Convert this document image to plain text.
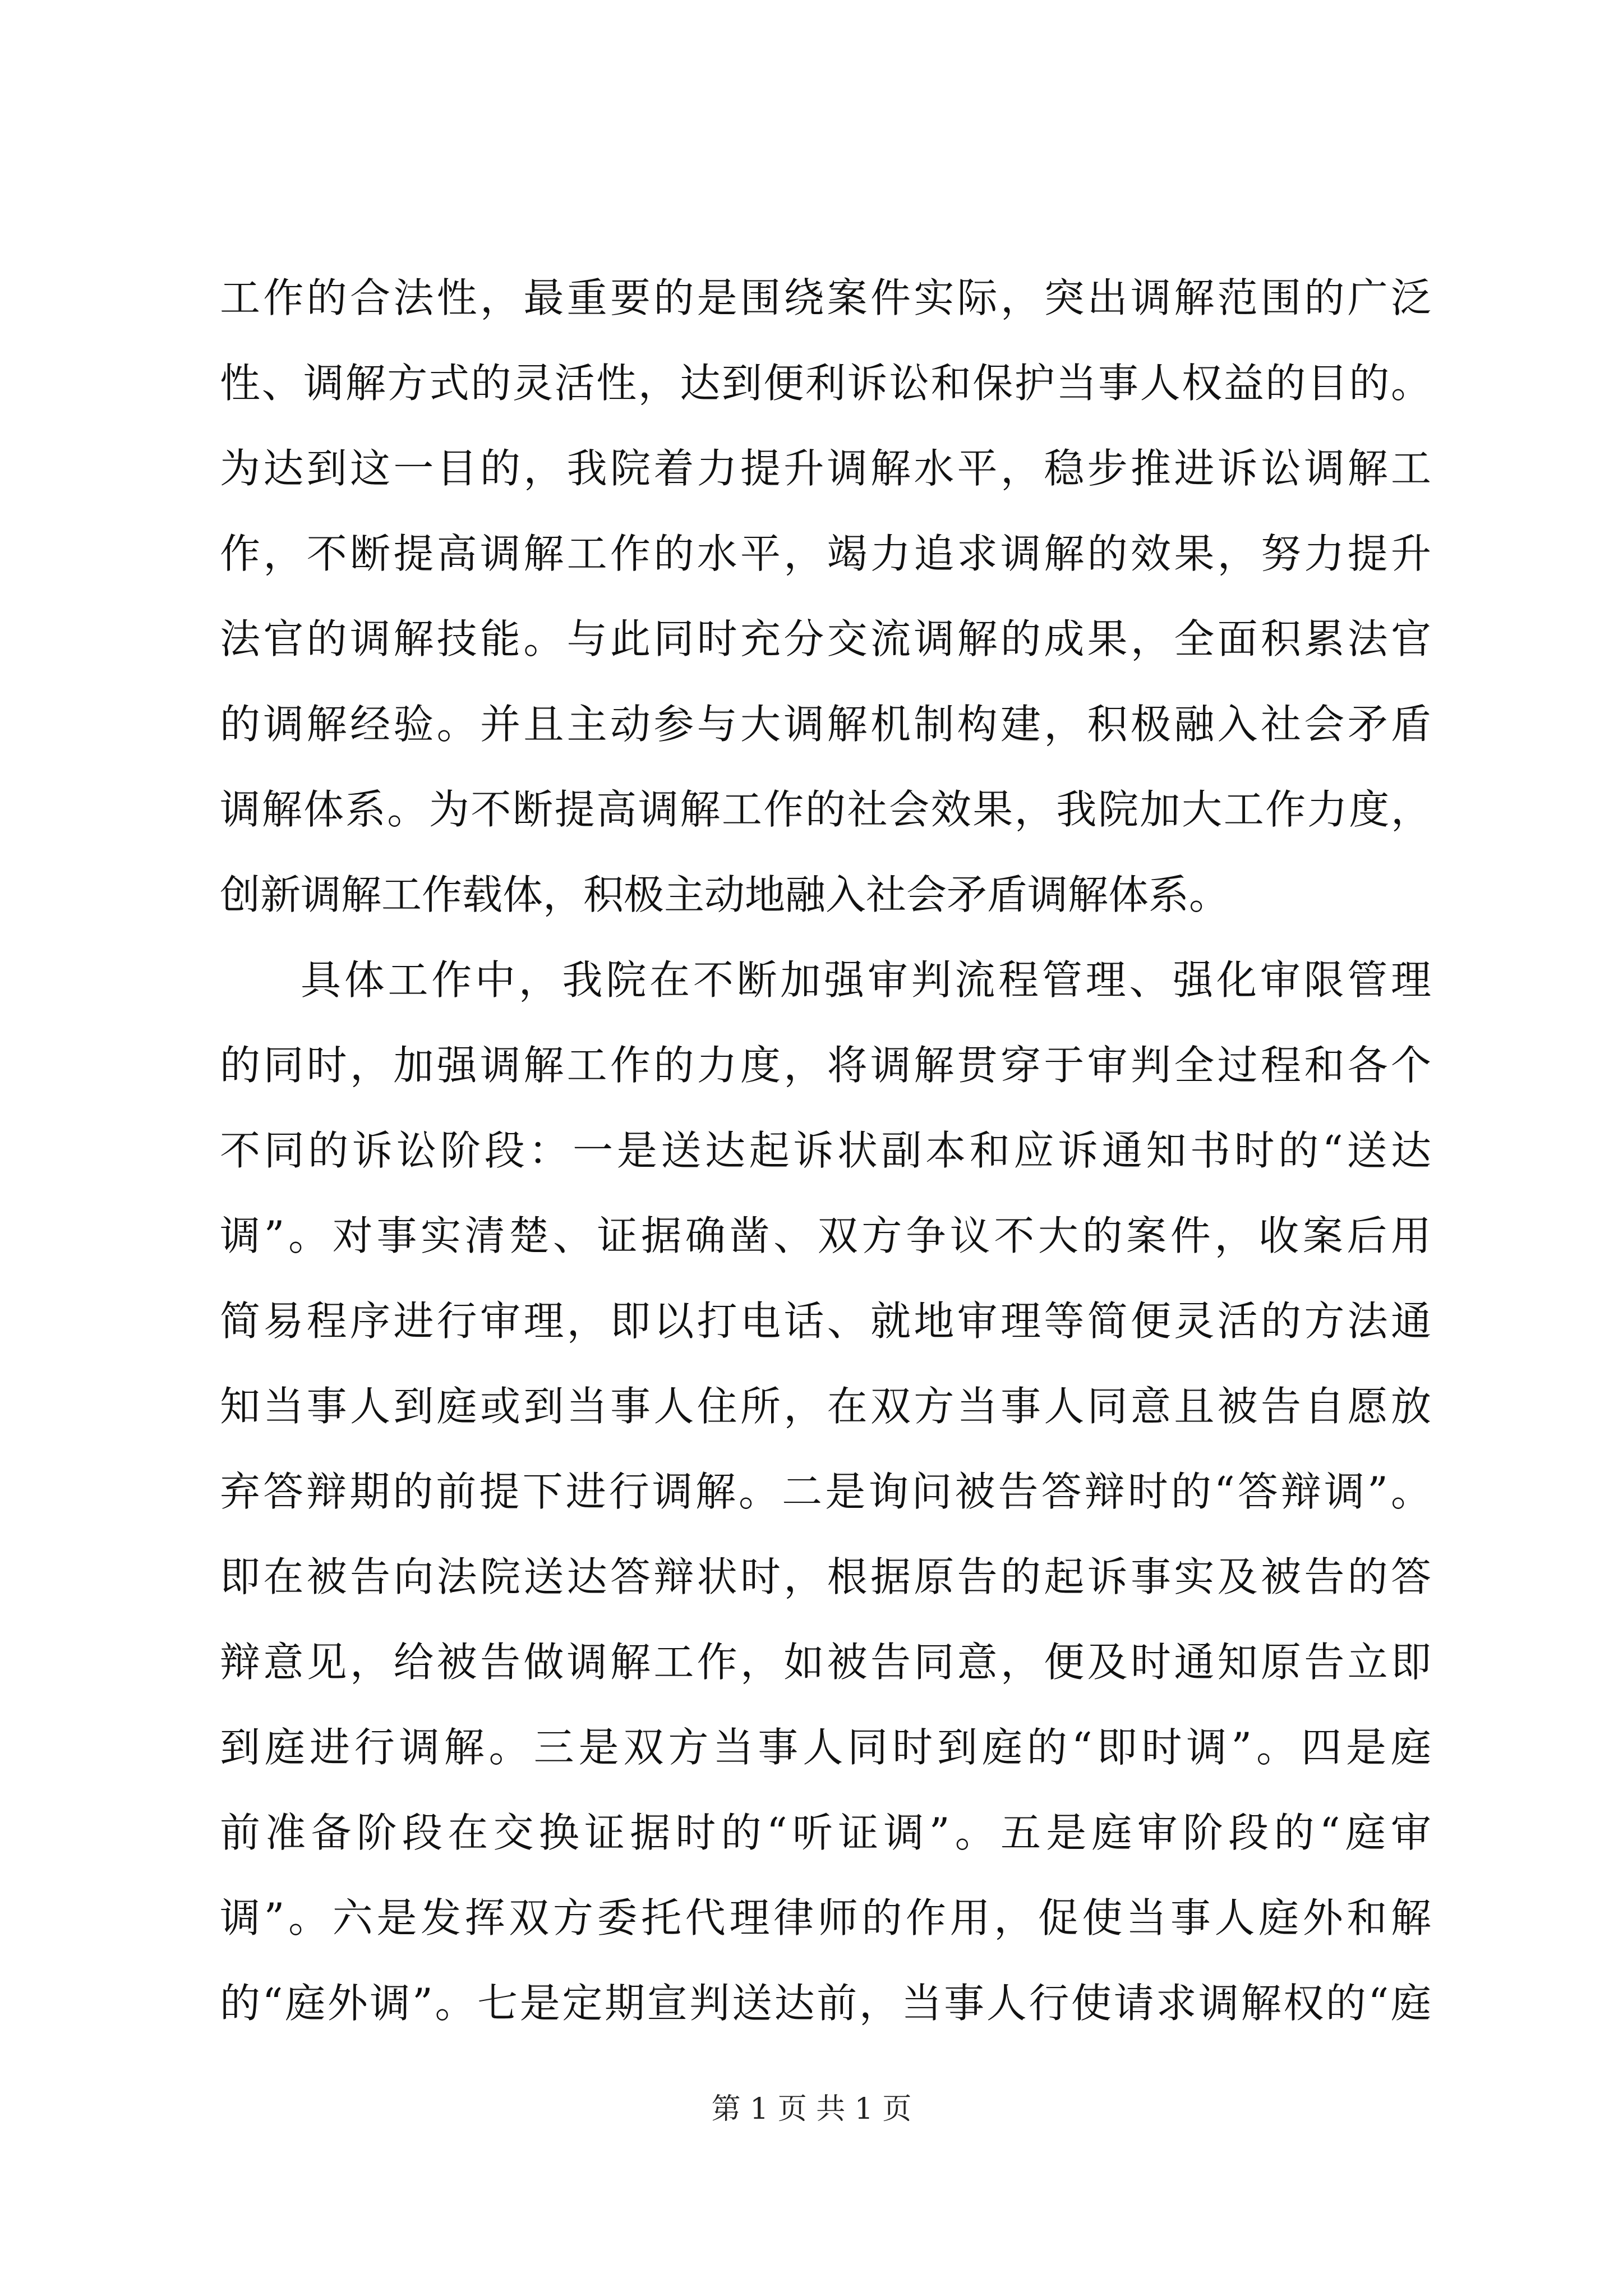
工作的合法性，最重要的是围绕案件实际，突出调解范围的广泛
性、调解方式的灵活性，达到便利诉讼和保护当事人权益的目的。
为达到这一目的，我院着力提升调解水平，稳步推进诉讼调解工
作，不断提高调解工作的水平，竭力追求调解的效果，努力提升
法官的调解技能。与此同时充分交流调解的成果，全面积累法官
的调解经验。并且主动参与大调解机制构建，积极融入社会矛盾
调解体系。为不断提高调解工作的社会效果，我院加大工作力度，
创新调解工作载体，积极主动地融入社会矛盾调解体系。
具体工作中，我院在不断加强审判流程管理、强化审限管理
的同时，加强调解工作的力度，将调解贯穿于审判全过程和各个
不同的诉讼阶段：一是送达起诉状副本和应诉通知书时的“送达
调”。对事实清楚、证据确凿、双方争议不大的案件，收案后用
简易程序进行审理，即以打电话、就地审理等简便灵活的方法通
知当事人到庭或到当事人住所，在双方当事人同意且被告自愿放
弃答辩期的前提下进行调解。二是询问被告答辩时的“答辩调”。
即在被告向法院送达答辩状时，根据原告的起诉事实及被告的答
辩意见，给被告做调解工作，如被告同意，便及时通知原告立即
到庭进行调解。三是双方当事人同时到庭的“即时调”。四是庭
前准备阶段在交换证据时的“听证调”。五是庭审阶段的“庭审
调”。六是发挥双方委托代理律师的作用，促使当事人庭外和解
的“庭外调”。七是定期宣判送达前，当事人行使请求调解权的“庭
第 1 页 共 1 页
